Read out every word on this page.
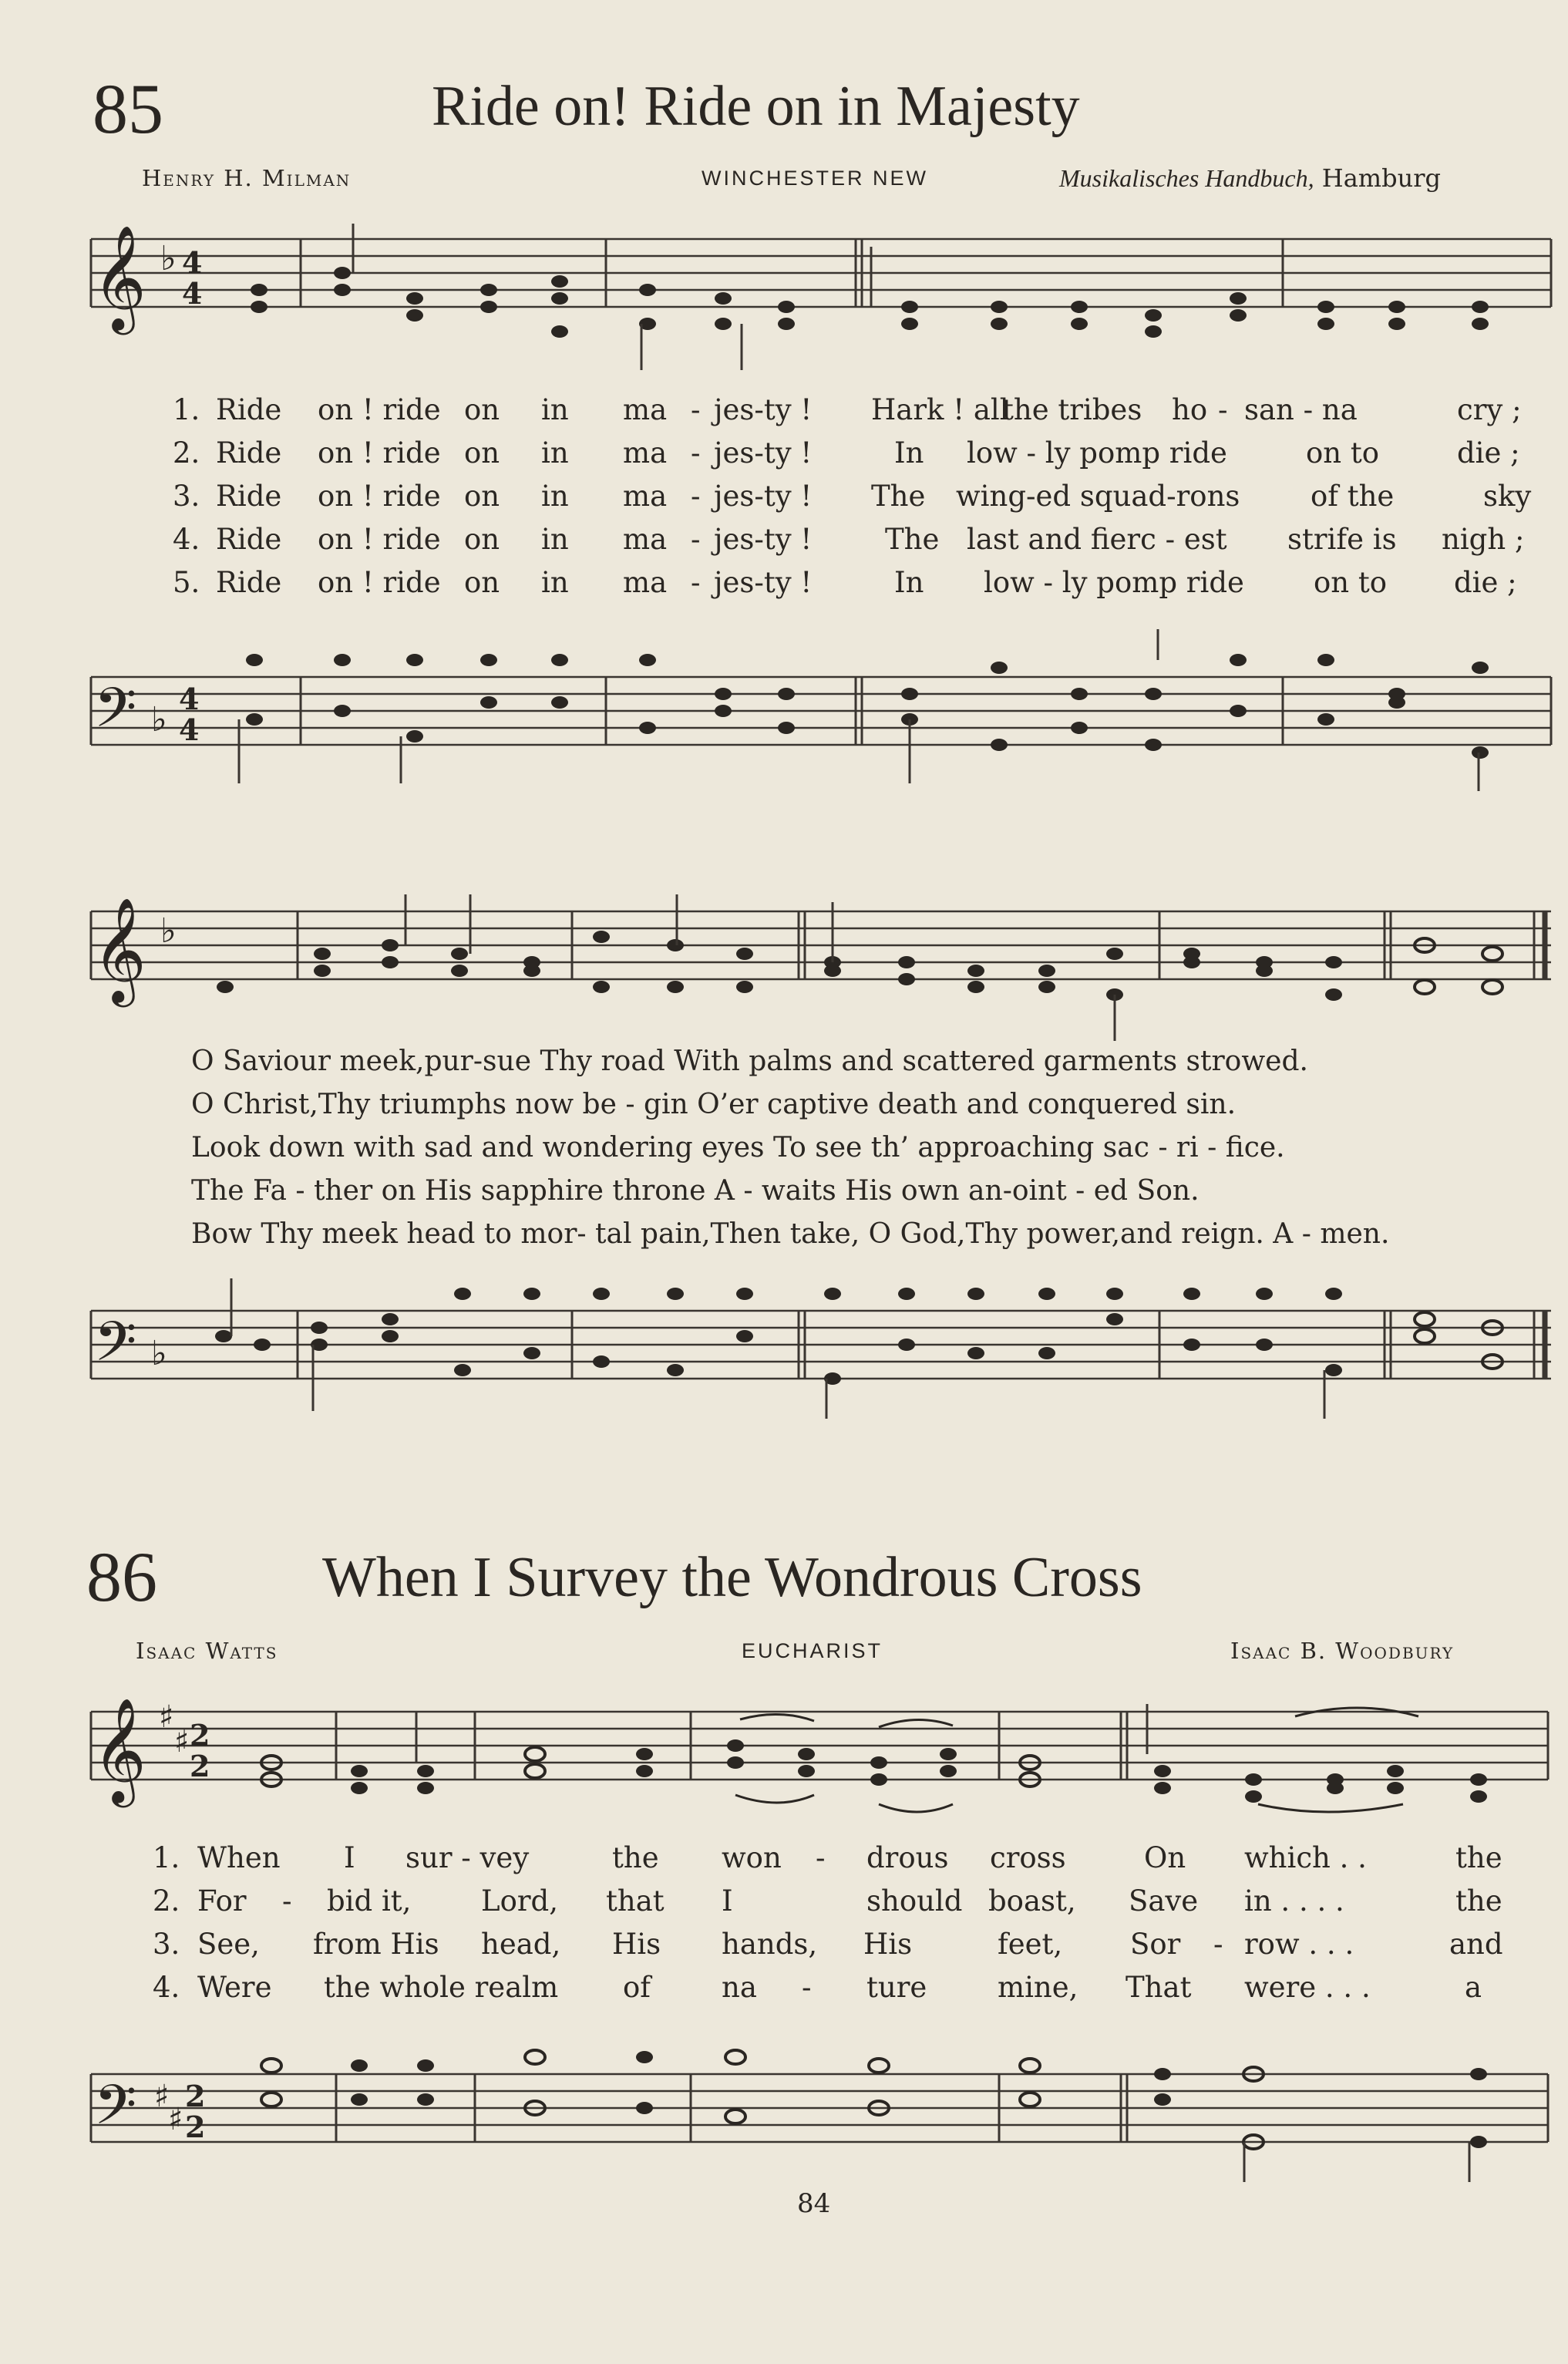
85	Ride on! Ride on in Majesty
Henry H. Milman	WINCHESTER NEW	Musikalisches Handbuch, Hamburg
𝄞 ♭ 4
4
1. Ride on ! ride on in ma - jes-ty ! Hark ! all
the tribes ho - san - na	cry ;
2. Ride on ! ride on in ma - jes-ty !	In low - ly pomp ride	on to	die ;
3. Ride on ! ride on in ma - jes-ty ! The wing-ed squad-rons of the	sky
4. Ride on ! ride on in ma - jes-ty !	The last and fierc - est strife is nigh ;
5. Ride on ! ride on in ma - jes-ty !	In low - ly pomp ride on to die ;
𝄢 ♭
4
4
𝄞 ♭
O Saviour meek,pur-sue Thy road With palms and scattered garments strowed.
O Christ,Thy triumphs now be - gin O’er captive death and conquered sin.
Look down with sad and wondering eyes To see th’ approaching sac - ri - fice.
The Fa - ther on His sapphire throne A - waits His own an-oint - ed Son.
Bow Thy meek head to mor- tal pain,Then take, O God,Thy power,and reign. A - men.
𝄢 ♭
86	When I Survey the Wondrous Cross
Isaac Watts	EUCHARIST	Isaac B. Woodbury
𝄞 ♯
♯ 2
2
1. When I sur - vey	the won - drous cross	On which . .	the
2. For - bid it, Lord, that I	should boast, Save in . . . .	the
3. See, from His head, His hands, His	feet, Sor - row . . .	and
4. Were the whole realm of na - ture mine, That were . . .	a
𝄢 ♯
♯
2
2
84
